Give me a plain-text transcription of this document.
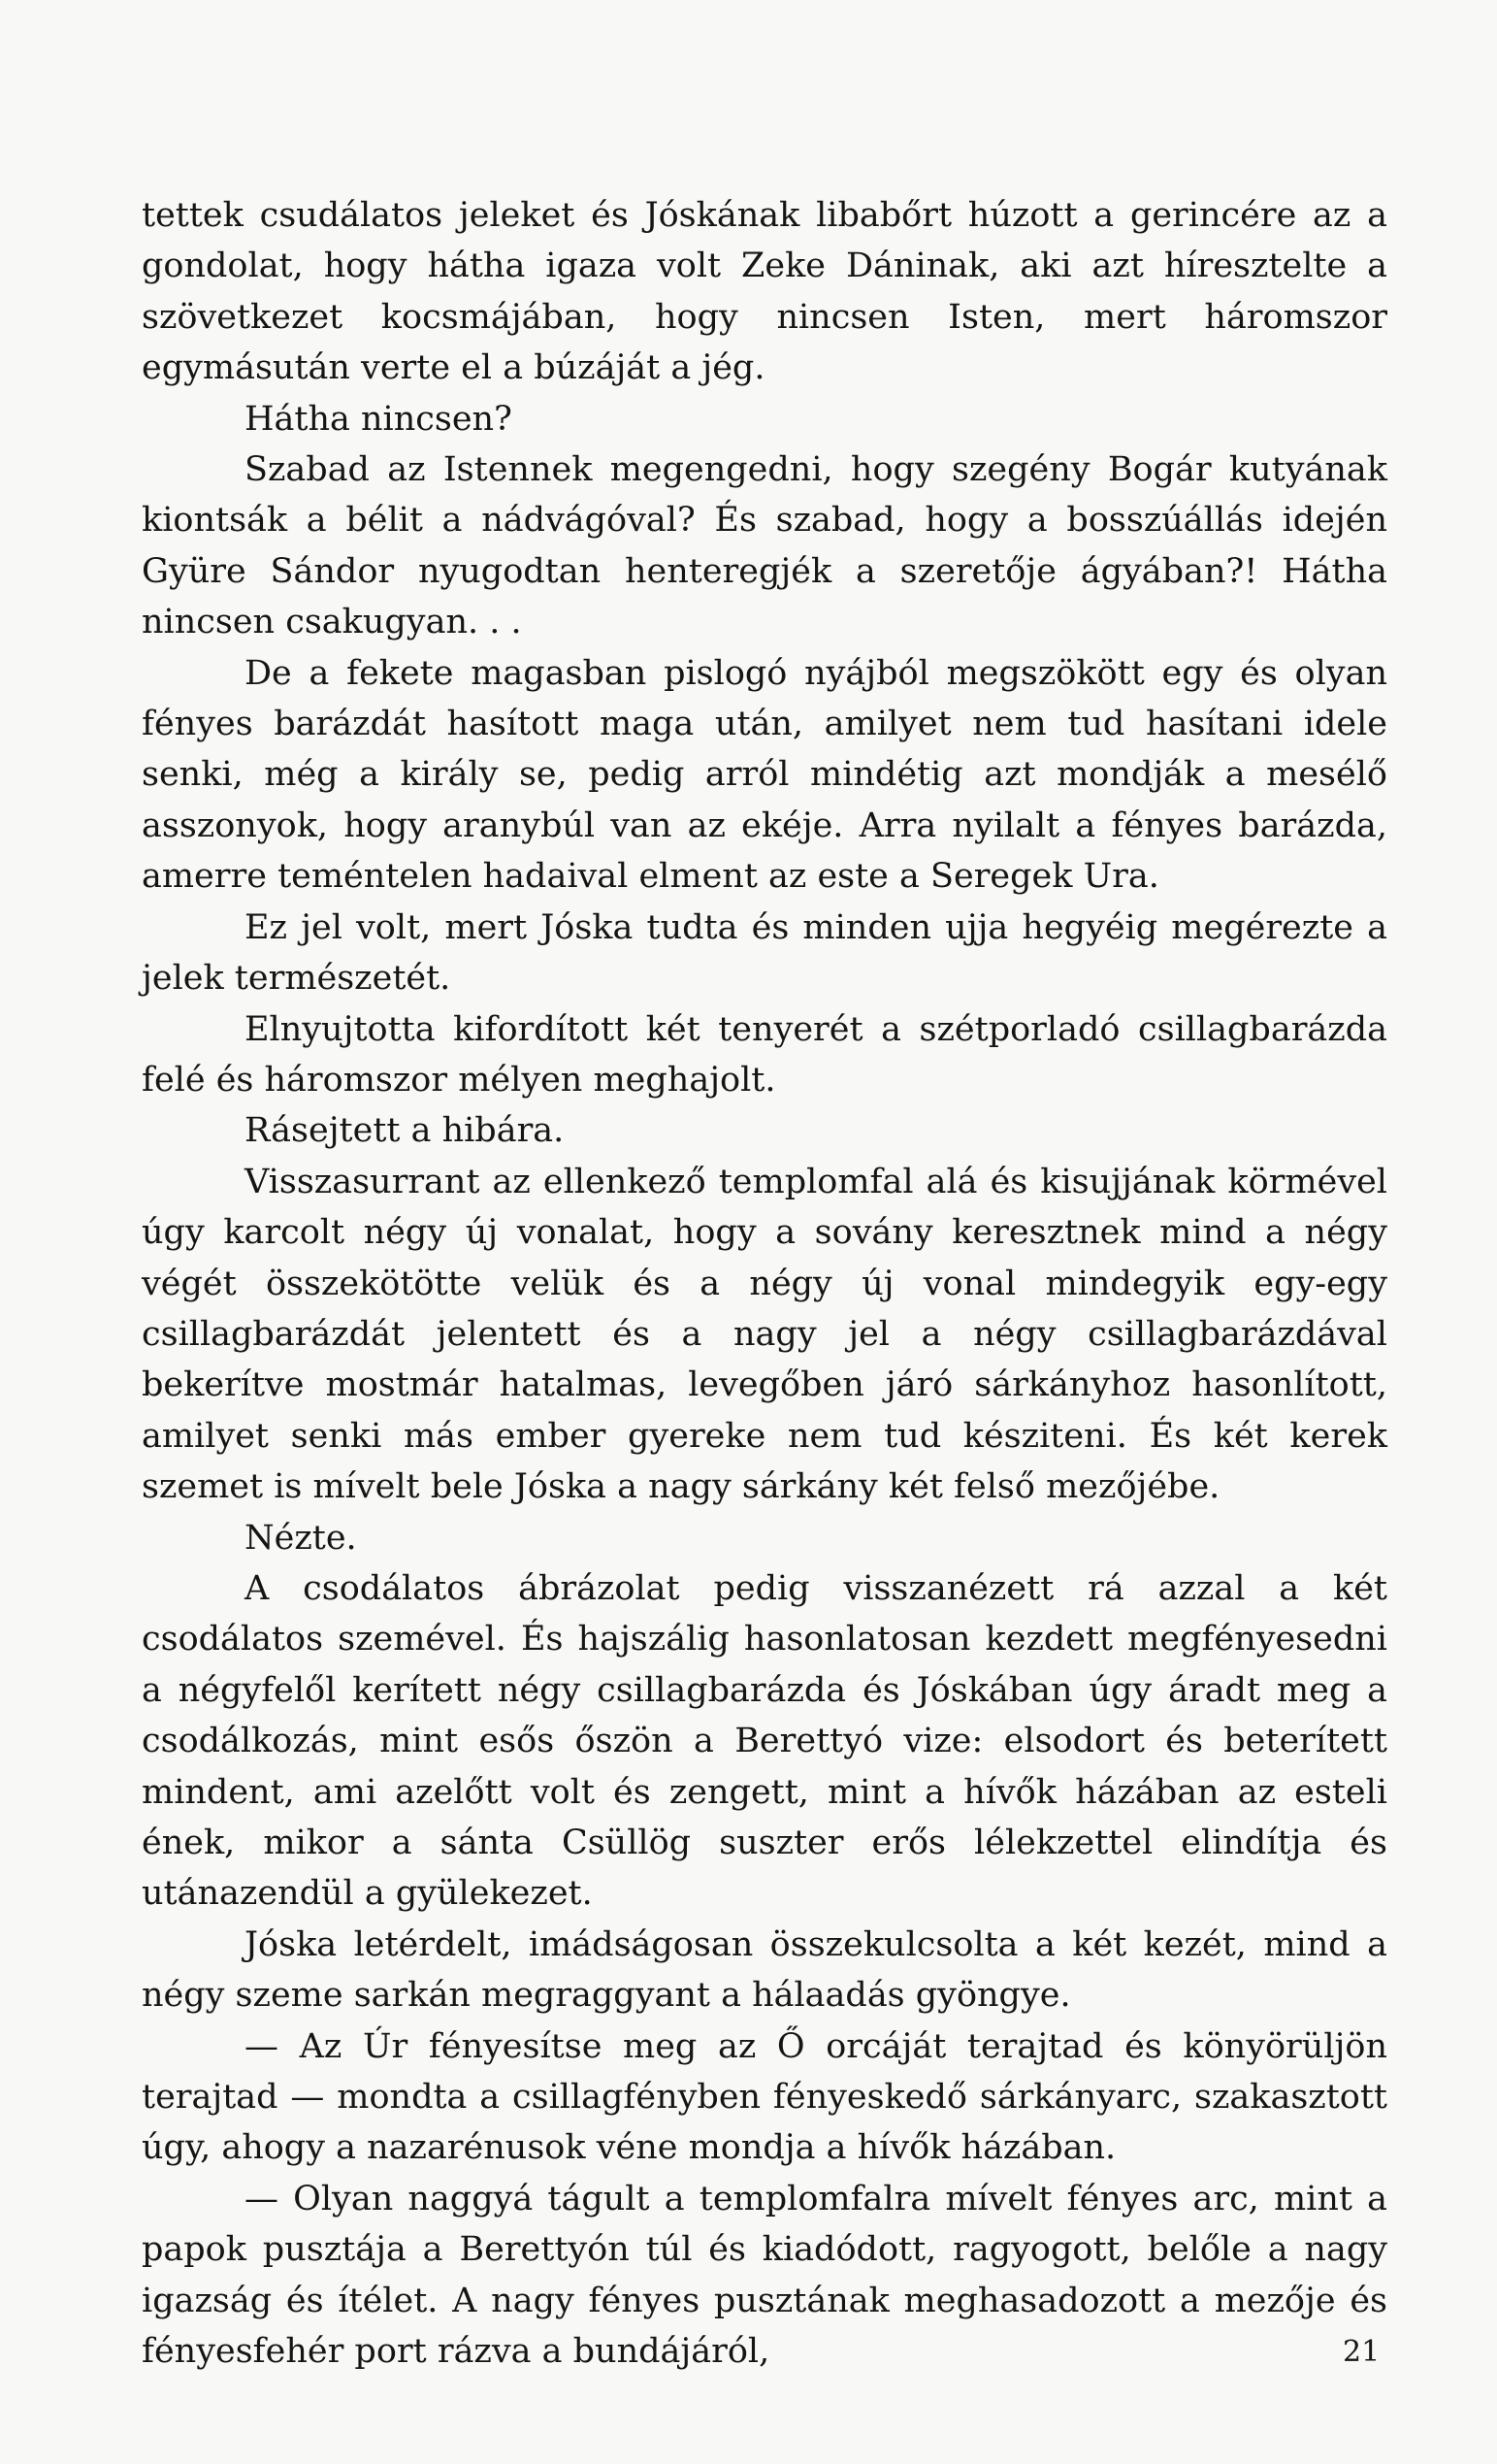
tettek csudálatos jeleket és Jóskának libabőrt húzott a gerincére az a gondolat, hogy hátha igaza volt Zeke Dáninak, aki azt híresztelte a szövetkezet kocsmájában, hogy nincsen Isten, mert háromszor egymásután verte el a búzáját a jég.

Hátha nincsen?

Szabad az Istennek megengedni, hogy szegény Bogár kutyának kiontsák a bélit a nádvágóval? És szabad, hogy a bosszúállás idején Gyüre Sándor nyugodtan henteregjék a szeretője ágyában?! Hátha nincsen csakugyan. . .

De a fekete magasban pislogó nyájból megszökött egy és olyan fényes barázdát hasított maga után, amilyet nem tud hasítani idele senki, még a király se, pedig arról mindétig azt mondják a mesélő asszonyok, hogy aranybúl van az ekéje. Arra nyilalt a fényes barázda, amerre teméntelen hadaival elment az este a Seregek Ura.

Ez jel volt, mert Jóska tudta és minden ujja hegyéig megérezte a jelek természetét.

Elnyujtotta kifordított két tenyerét a szétporladó csillagbarázda felé és háromszor mélyen meghajolt.

Rásejtett a hibára.

Visszasurrant az ellenkező templomfal alá és kisujjának körmével úgy karcolt négy új vonalat, hogy a sovány keresztnek mind a négy végét összekötötte velük és a négy új vonal mindegyik egy-egy csillagbarázdát jelentett és a nagy jel a négy csillagbarázdával bekerítve mostmár hatalmas, levegőben járó sárkányhoz hasonlított, amilyet senki más ember gyereke nem tud késziteni. És két kerek szemet is mívelt bele Jóska a nagy sárkány két felső mezőjébe.

Nézte.

A csodálatos ábrázolat pedig visszanézett rá azzal a két csodálatos szemével. És hajszálig hasonlatosan kezdett megfényesedni a négyfelől kerített négy csillagbarázda és Jóskában úgy áradt meg a csodálkozás, mint esős őszön a Berettyó vize: elsodort és beterített mindent, ami azelőtt volt és zengett, mint a hívők házában az esteli ének, mikor a sánta Csüllög suszter erős lélekzettel elindítja és utánazendül a gyülekezet.

Jóska letérdelt, imádságosan összekulcsolta a két kezét, mind a négy szeme sarkán megraggyant a hálaadás gyöngye.

— Az Úr fényesítse meg az Ő orcáját terajtad és könyörüljön terajtad — mondta a csillagfényben fényeskedő sárkányarc, szakasztott úgy, ahogy a nazarénusok véne mondja a hívők házában.

— Olyan naggyá tágult a templomfalra mívelt fényes arc, mint a papok pusztája a Berettyón túl és kiadódott, ragyogott, belőle a nagy igazság és ítélet. A nagy fényes pusztának meghasadozott a mezője és fényesfehér port rázva a bundájáról,	21
